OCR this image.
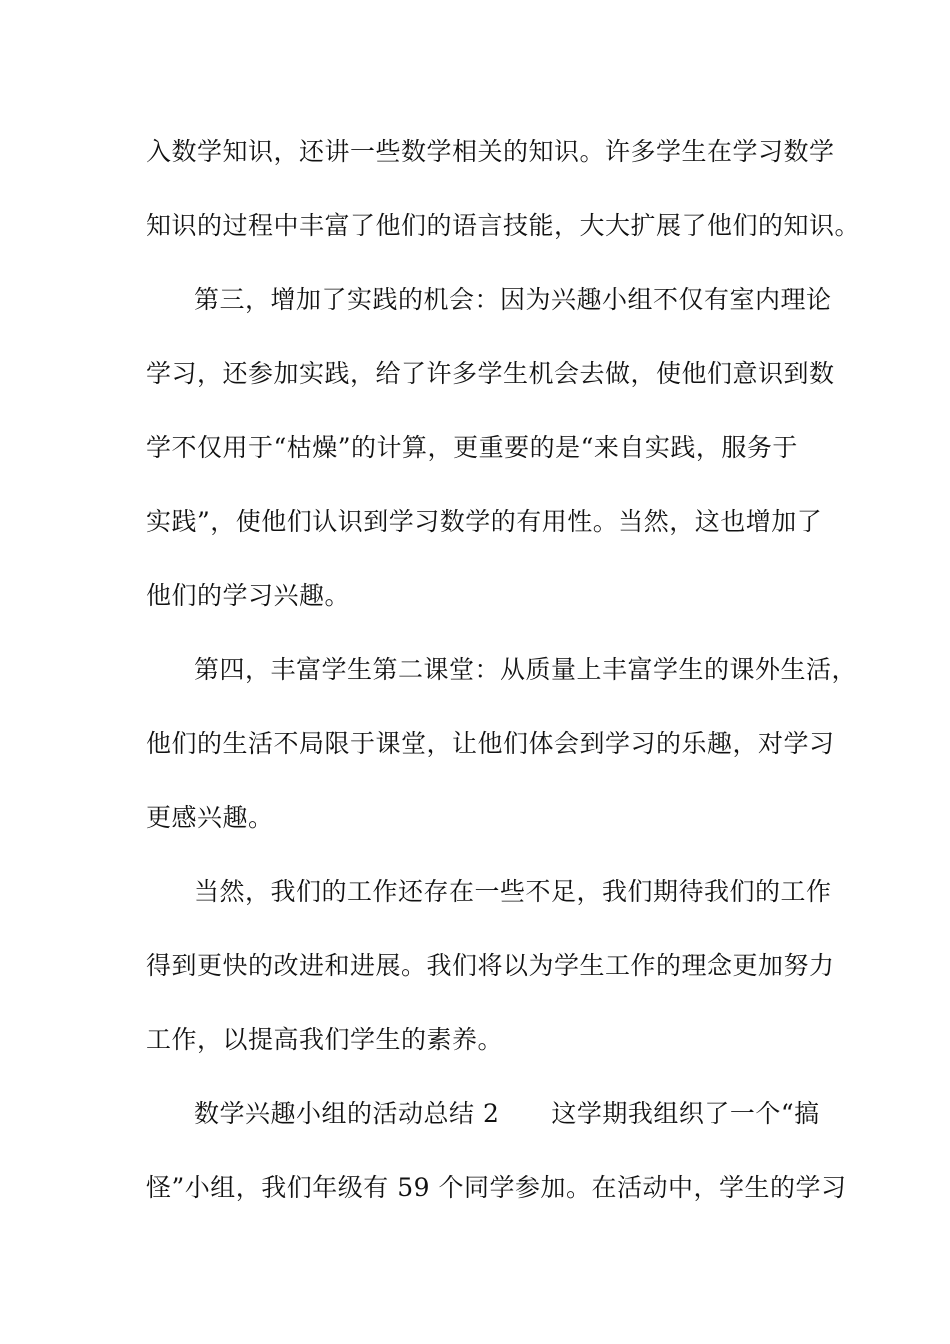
入数学知识，还讲一些数学相关的知识。许多学生在学习数学
知识的过程中丰富了他们的语言技能，大大扩展了他们的知识。
第三，增加了实践的机会：因为兴趣小组不仅有室内理论
学习，还参加实践，给了许多学生机会去做，使他们意识到数
学不仅用于“枯燥”的计算，更重要的是“来自实践，服务于
实践”，使他们认识到学习数学的有用性。当然，这也增加了
他们的学习兴趣。
第四，丰富学生第二课堂：从质量上丰富学生的课外生活，
他们的生活不局限于课堂，让他们体会到学习的乐趣，对学习
更感兴趣。
当然，我们的工作还存在一些不足，我们期待我们的工作
得到更快的改进和进展。我们将以为学生工作的理念更加努力
工作，以提高我们学生的素养。
数学兴趣小组的活动总结 2 这学期我组织了一个“搞
怪”小组，我们年级有 59 个同学参加。在活动中，学生的学习
